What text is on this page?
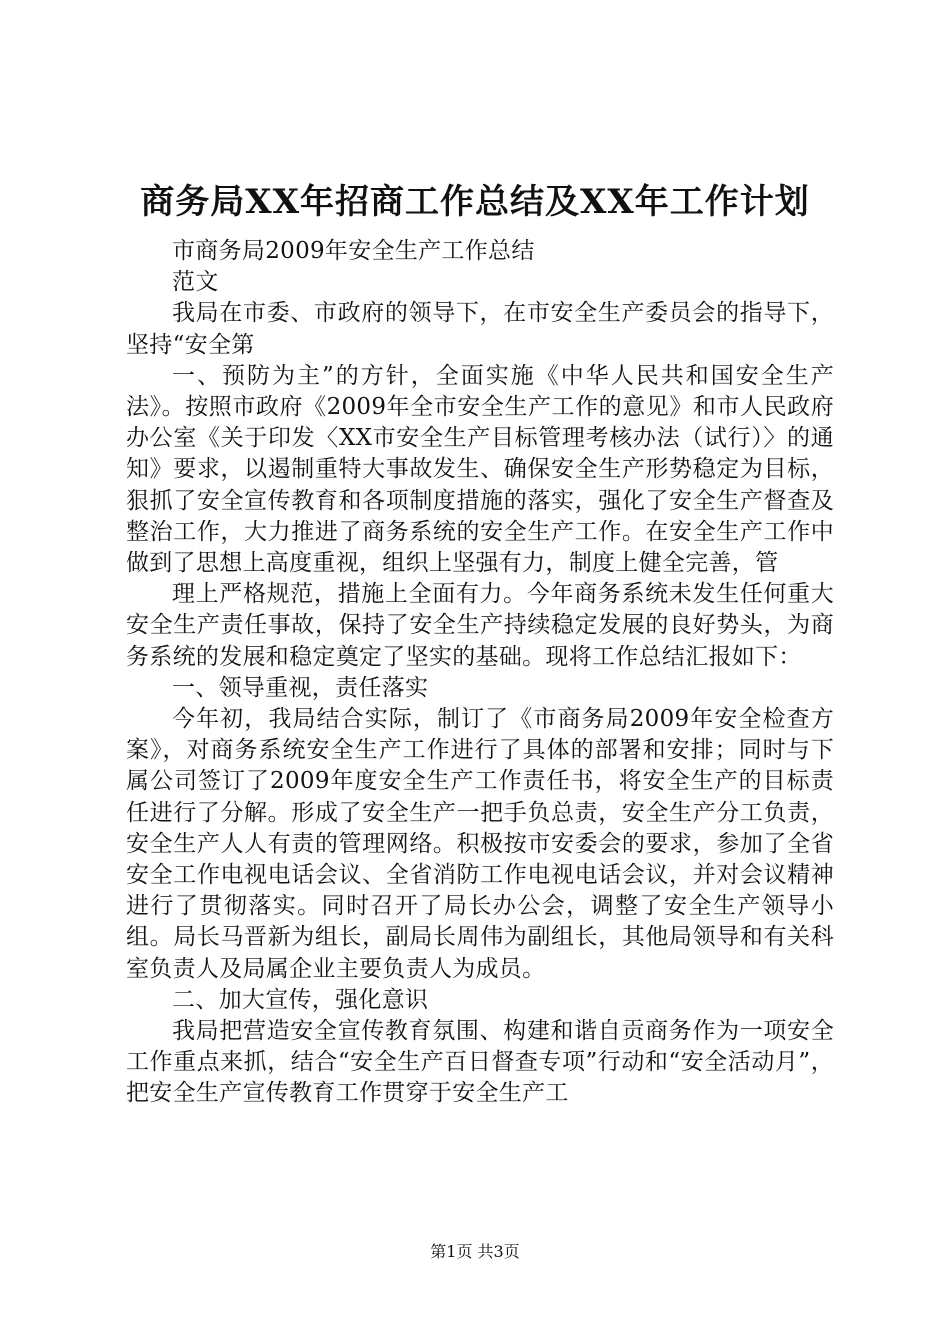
商务局XX年招商工作总结及XX年工作计划

市商务局2009年安全生产工作总结

范文

我局在市委、市政府的领导下，在市安全生产委员会的指导下，坚持“安全第

一、预防为主”的方针，全面实施《中华人民共和国安全生产法》。按照市政府《2009年全市安全生产工作的意见》和市人民政府办公室《关于印发〈XX市安全生产目标管理考核办法（试行）〉的通知》要求，以遏制重特大事故发生、确保安全生产形势稳定为目标，狠抓了安全宣传教育和各项制度措施的落实，强化了安全生产督查及整治工作，大力推进了商务系统的安全生产工作。在安全生产工作中做到了思想上高度重视，组织上坚强有力，制度上健全完善，管

理上严格规范，措施上全面有力。今年商务系统未发生任何重大安全生产责任事故，保持了安全生产持续稳定发展的良好势头，为商务系统的发展和稳定奠定了坚实的基础。现将工作总结汇报如下：

一、领导重视，责任落实

今年初，我局结合实际，制订了《市商务局2009年安全检查方案》，对商务系统安全生产工作进行了具体的部署和安排；同时与下属公司签订了2009年度安全生产工作责任书，将安全生产的目标责任进行了分解。形成了安全生产一把手负总责，安全生产分工负责，安全生产人人有责的管理网络。积极按市安委会的要求，参加了全省安全工作电视电话会议、全省消防工作电视电话会议，并对会议精神进行了贯彻落实。同时召开了局长办公会，调整了安全生产领导小组。局长马晋新为组长，副局长周伟为副组长，其他局领导和有关科室负责人及局属企业主要负责人为成员。

二、加大宣传，强化意识

我局把营造安全宣传教育氛围、构建和谐自贡商务作为一项安全工作重点来抓，结合“安全生产百日督查专项”行动和“安全活动月”，把安全生产宣传教育工作贯穿于安全生产工

第1页 共3页
